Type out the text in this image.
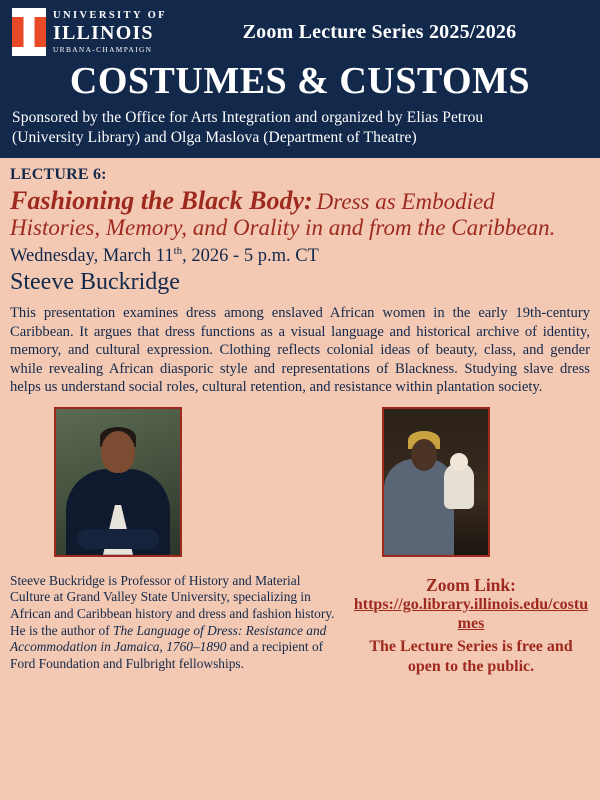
UNIVERSITY OF
ILLINOIS
URBANA-CHAMPAIGN
Zoom Lecture Series 2025/2026
COSTUMES & CUSTOMS
Sponsored by the Office for Arts Integration and organized by Elias Petrou
(University Library) and Olga Maslova (Department of Theatre)
LECTURE 6:
Fashioning the Black Body: Dress as Embodied Histories, Memory, and Orality in and from the Caribbean.
Wednesday, March 11th, 2026 - 5 p.m. CT
Steeve Buckridge
This presentation examines dress among enslaved African women in the early 19th-century Caribbean. It argues that dress functions as a visual language and historical archive of identity, memory, and cultural expression. Clothing reflects colonial ideas of beauty, class, and gender while revealing African diasporic style and representations of Blackness. Studying slave dress helps us understand social roles, cultural retention, and resistance within plantation society.
Steeve Buckridge is Professor of History and Material Culture at Grand Valley State University, specializing in African and Caribbean history and dress and fashion history. He is the author of The Language of Dress: Resistance and Accommodation in Jamaica, 1760–1890 and a recipient of Ford Foundation and Fulbright fellowships.
Zoom Link:
https://go.library.illinois.edu/costumes
The Lecture Series is free and open to the public.
